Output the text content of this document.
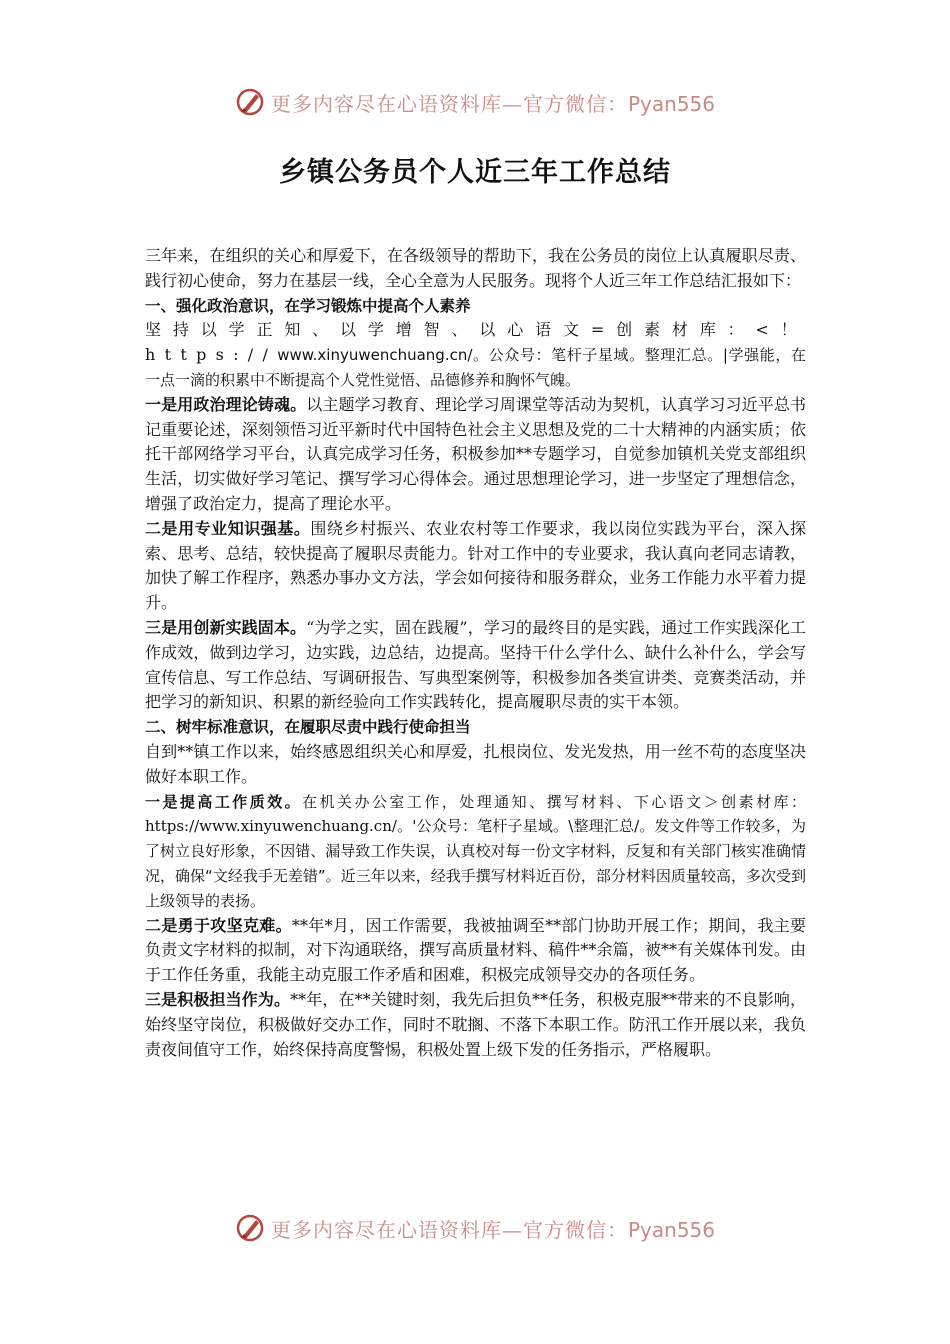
更多内容尽在心语资料库—官方微信：Pyan556
乡镇公务员个人近三年工作总结

三年来，在组织的关心和厚爱下，在各级领导的帮助下，我在公务员的岗位上认真履职尽责、践行初心使命，努力在基层一线，全心全意为人民服务。现将个人近三年工作总结汇报如下：

一、强化政治意识，在学习锻炼中提高个人素养

坚持以学正知、以学增智、以心语文=创素材库：<！https://www.xinyuwenchuang.cn/。公众号：笔杆子星域。整理汇总。|学强能，在一点一滴的积累中不断提高个人党性觉悟、品德修养和胸怀气魄。

一是用政治理论铸魂。以主题学习教育、理论学习周课堂等活动为契机，认真学习习近平总书记重要论述，深刻领悟习近平新时代中国特色社会主义思想及党的二十大精神的内涵实质；依托干部网络学习平台，认真完成学习任务，积极参加**专题学习，自觉参加镇机关党支部组织生活，切实做好学习笔记、撰写学习心得体会。通过思想理论学习，进一步坚定了理想信念，增强了政治定力，提高了理论水平。

二是用专业知识强基。围绕乡村振兴、农业农村等工作要求，我以岗位实践为平台，深入探索、思考、总结，较快提高了履职尽责能力。针对工作中的专业要求，我认真向老同志请教，加快了解工作程序，熟悉办事办文方法，学会如何接待和服务群众，业务工作能力水平着力提升。

三是用创新实践固本。“为学之实，固在践履”，学习的最终目的是实践，通过工作实践深化工作成效，做到边学习，边实践，边总结，边提高。坚持干什么学什么、缺什么补什么，学会写宣传信息、写工作总结、写调研报告、写典型案例等，积极参加各类宣讲类、竞赛类活动，并把学习的新知识、积累的新经验向工作实践转化，提高履职尽责的实干本领。

二、树牢标准意识，在履职尽责中践行使命担当

自到**镇工作以来，始终感恩组织关心和厚爱，扎根岗位、发光发热，用一丝不苟的态度坚决做好本职工作。

一是提高工作质效。在机关办公室工作，处理通知、撰写材料、下心语文＞创素材库：https://www.xinyuwenchuang.cn/。'公众号：笔杆子星域。\整理汇总/。发文件等工作较多，为了树立良好形象，不因错、漏导致工作失误，认真校对每一份文字材料，反复和有关部门核实准确情况，确保“文经我手无差错”。近三年以来，经我手撰写材料近百份，部分材料因质量较高，多次受到上级领导的表扬。

二是勇于攻坚克难。**年*月，因工作需要，我被抽调至**部门协助开展工作；期间，我主要负责文字材料的拟制，对下沟通联络，撰写高质量材料、稿件**余篇，被**有关媒体刊发。由于工作任务重，我能主动克服工作矛盾和困难，积极完成领导交办的各项任务。

三是积极担当作为。**年，在**关键时刻，我先后担负**任务，积极克服**带来的不良影响，始终坚守岗位，积极做好交办工作，同时不耽搁、不落下本职工作。防汛工作开展以来，我负责夜间值守工作，始终保持高度警惕，积极处置上级下发的任务指示，严格履职。

更多内容尽在心语资料库—官方微信：Pyan556
